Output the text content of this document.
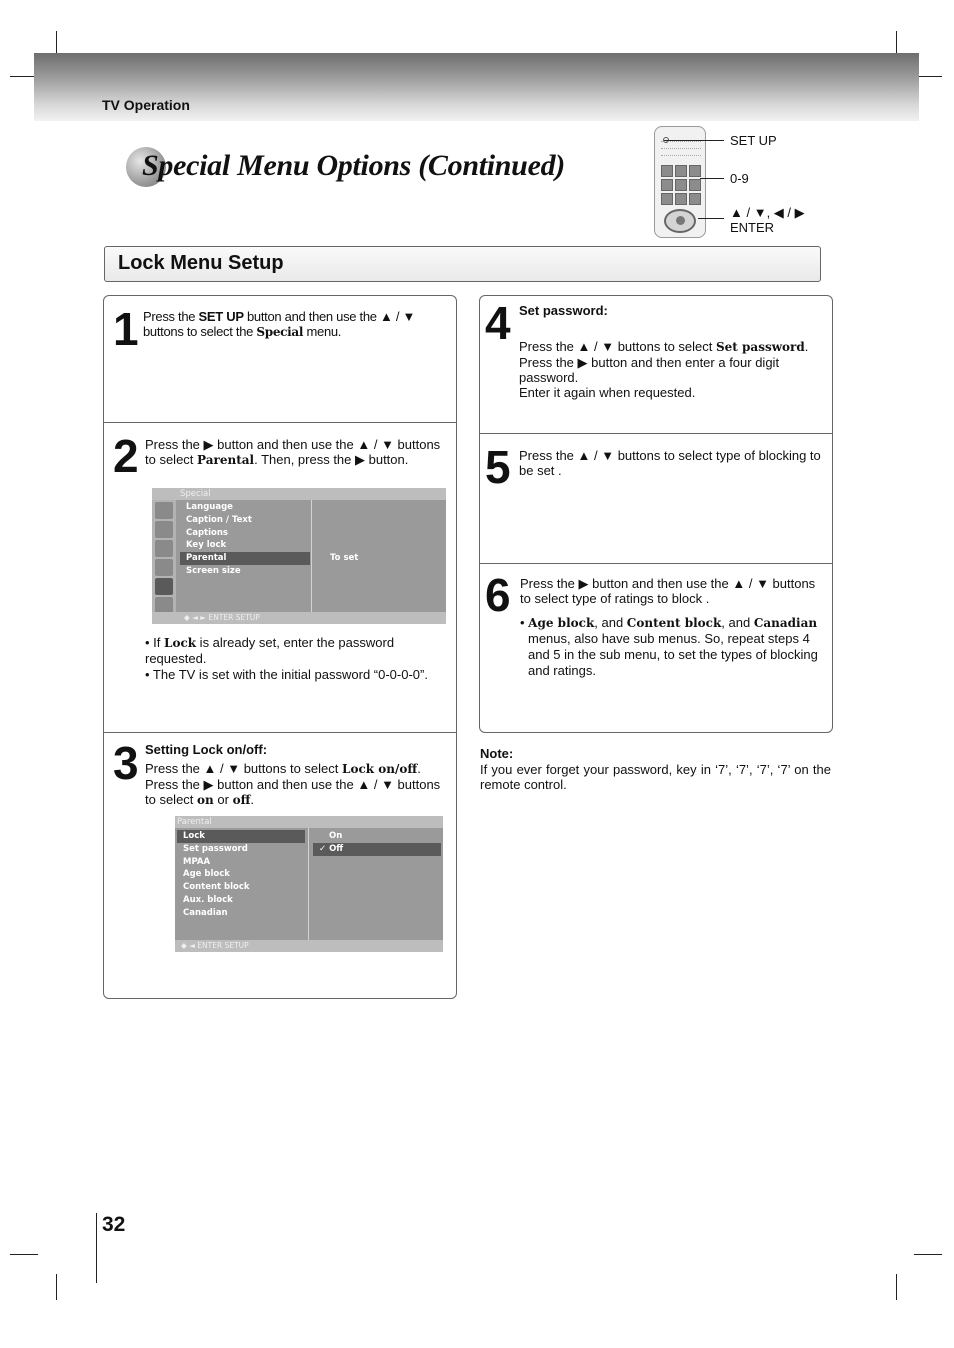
TV Operation
Special Menu Options (Continued)
SET UP
0-9
▲ / ▼, ◀ / ▶
ENTER
Lock Menu Setup
1 Press the SET UP button and then use the ▲ / ▼ buttons to select the Special menu.
2 Press the ▶ button and then use the ▲ / ▼ buttons to select Parental. Then, press the ▶ button.
Special
Language
Caption / Text
Captions
Key lock
Parental
Screen size
To set
◆ ◄ ► ENTER SETUP
• If Lock is already set, enter the password requested.
• The TV is set with the initial password “0-0-0-0”.
3 Setting Lock on/off:
Press the ▲ / ▼ buttons to select Lock on/off. Press the ▶ button and then use the ▲ / ▼ buttons to select on or off.
Parental
Lock
Set password
MPAA
Age block
Content block
Aux. block
Canadian
On
✓ Off
◆ ◄ ENTER SETUP
4 Set password:
Press the ▲ / ▼ buttons to select Set password. Press the ▶ button and then enter a four digit password.
Enter it again when requested.
5 Press the ▲ / ▼ buttons to select type of blocking to be set .
6 Press the ▶ button and then use the ▲ / ▼ buttons to select type of ratings to block .
• Age block, and Content block, and Canadian
menus, also have sub menus. So, repeat steps 4 and 5 in the sub menu, to set the types of blocking and ratings.
Note:
If you ever forget your password, key in ‘7’, ‘7’, ‘7’, ‘7’ on the remote control.
32
